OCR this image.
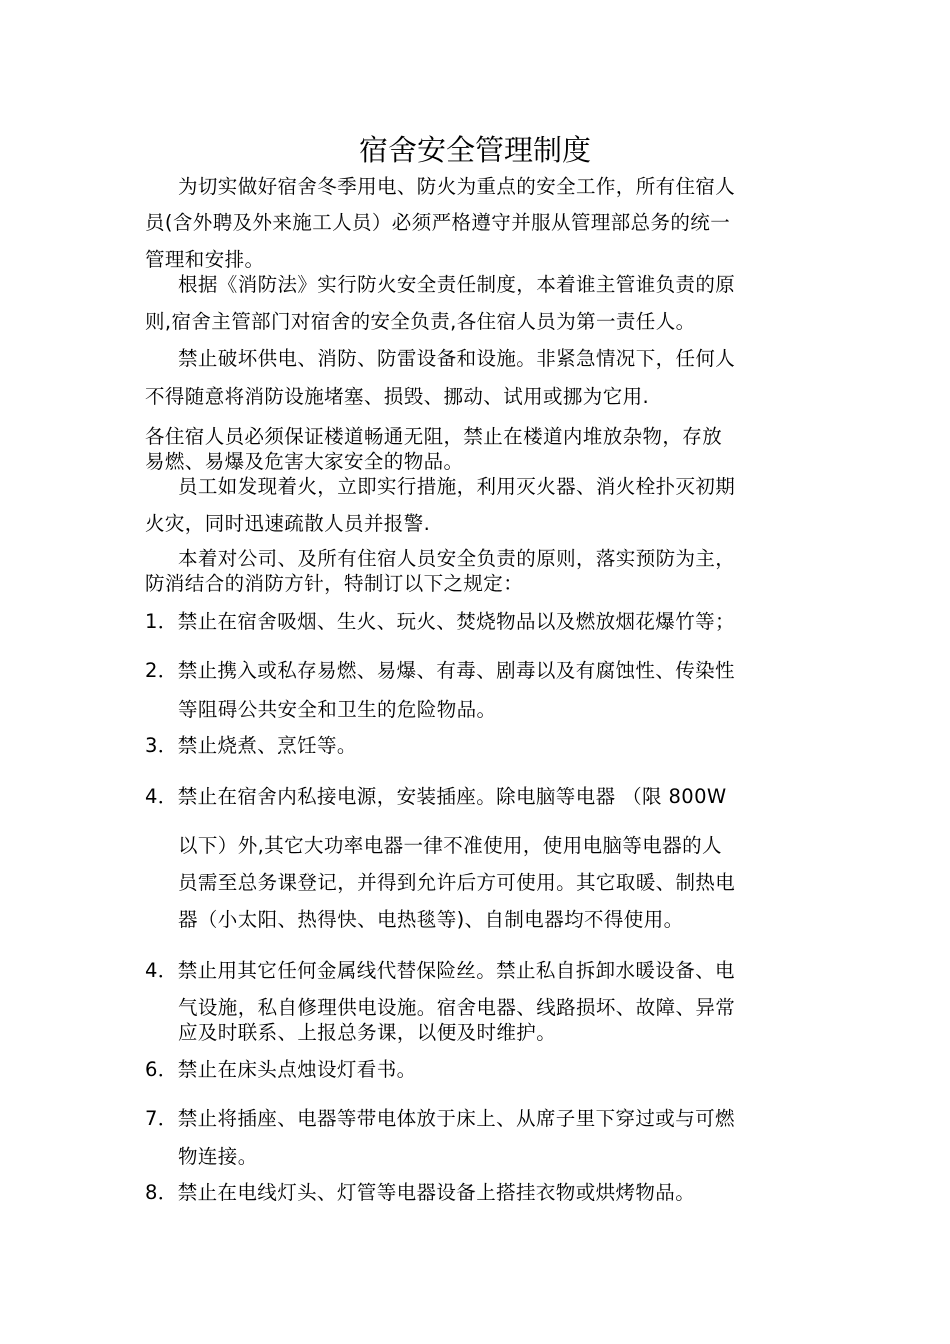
宿舍安全管理制度

为切实做好宿舍冬季用电、防火为重点的安全工作，所有住宿人

员(含外聘及外来施工人员）必须严格遵守并服从管理部总务的统一

管理和安排。

根据《消防法》实行防火安全责任制度，本着谁主管谁负责的原

则,宿舍主管部门对宿舍的安全负责,各住宿人员为第一责任人。

禁止破坏供电、消防、防雷设备和设施。非紧急情况下，任何人

不得随意将消防设施堵塞、损毁、挪动、试用或挪为它用.

各住宿人员必须保证楼道畅通无阻，禁止在楼道内堆放杂物，存放

易燃、易爆及危害大家安全的物品。

员工如发现着火，立即实行措施，利用灭火器、消火栓扑灭初期

火灾，同时迅速疏散人员并报警.

本着对公司、及所有住宿人员安全负责的原则，落实预防为主，

防消结合的消防方针，特制订以下之规定：

1．禁止在宿舍吸烟、生火、玩火、焚烧物品以及燃放烟花爆竹等；

2．禁止携入或私存易燃、易爆、有毒、剧毒以及有腐蚀性、传染性

等阻碍公共安全和卫生的危险物品。

3．禁止烧煮、烹饪等。

4．禁止在宿舍内私接电源，安装插座。除电脑等电器 （限 800W

以下）外,其它大功率电器一律不准使用，使用电脑等电器的人

员需至总务课登记，并得到允许后方可使用。其它取暖、制热电

器（小太阳、热得快、电热毯等)、自制电器均不得使用。

4．禁止用其它任何金属线代替保险丝。禁止私自拆卸水暖设备、电

气设施，私自修理供电设施。宿舍电器、线路损坏、故障、异常

应及时联系、上报总务课，以便及时维护。

6．禁止在床头点烛设灯看书。

7．禁止将插座、电器等带电体放于床上、从席子里下穿过或与可燃

物连接。

8．禁止在电线灯头、灯管等电器设备上搭挂衣物或烘烤物品。
